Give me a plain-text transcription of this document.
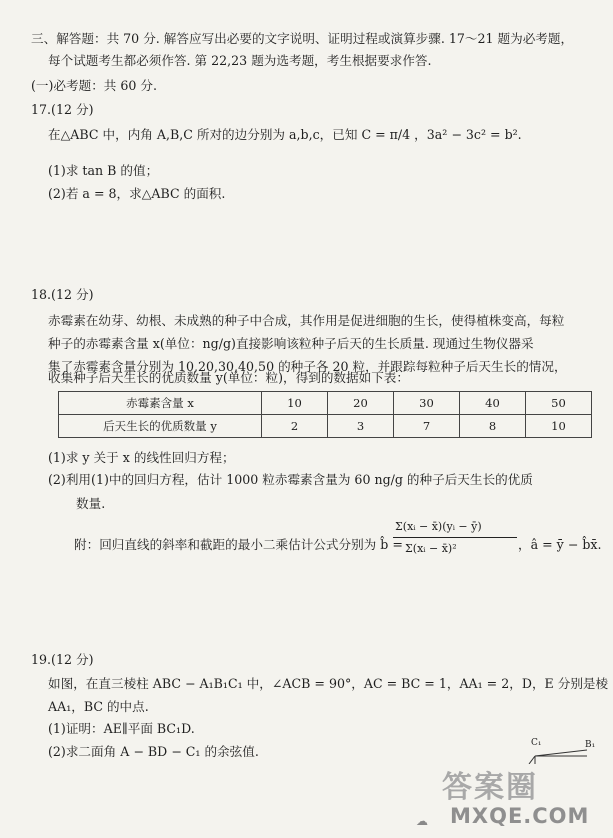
三、解答题：共 70 分. 解答应写出必要的文字说明、证明过程或演算步骤. 17～21 题为必考题，
每个试题考生都必须作答. 第 22,23 题为选考题，考生根据要求作答.
(一)必考题：共 60 分.
17.(12 分)
在△ABC 中，内角 A,B,C 所对的边分别为 a,b,c，已知 C = π/4 ，3a² − 3c² = b².
(1)求 tan B 的值；
(2)若 a = 8，求△ABC 的面积.
18.(12 分)
赤霉素在幼芽、幼根、未成熟的种子中合成，其作用是促进细胞的生长，使得植株变高，每粒
种子的赤霉素含量 x(单位：ng/g)直接影响该粒种子后天的生长质量. 现通过生物仪器采
集了赤霉素含量分别为 10,20,30,40,50 的种子各 20 粒，并跟踪每粒种子后天生长的情况，
收集种子后天生长的优质数量 y(单位：粒)，得到的数据如下表：
赤霉素含量 x	10	20	30	40	50
后天生长的优质数量 y	2	3	7	8	10
(1)求 y 关于 x 的线性回归方程；
(2)利用(1)中的回归方程，估计 1000 粒赤霉素含量为 60 ng/g 的种子后天生长的优质
数量.
附：回归直线的斜率和截距的最小二乘估计公式分别为 b̂ =
Σ(xᵢ − x̄)(yᵢ − ȳ)
Σ(xᵢ − x̄)²	，â = ȳ − b̂x̄.
19.(12 分)
如图，在直三棱柱 ABC − A₁B₁C₁ 中，∠ACB = 90°，AC = BC = 1，AA₁ = 2，D，E 分别是棱
AA₁，BC 的中点.
(1)证明：AE∥平面 BC₁D.
(2)求二面角 A − BD − C₁ 的余弦值.
C₁	B₁
☁
答案圈
MXQE.COM
